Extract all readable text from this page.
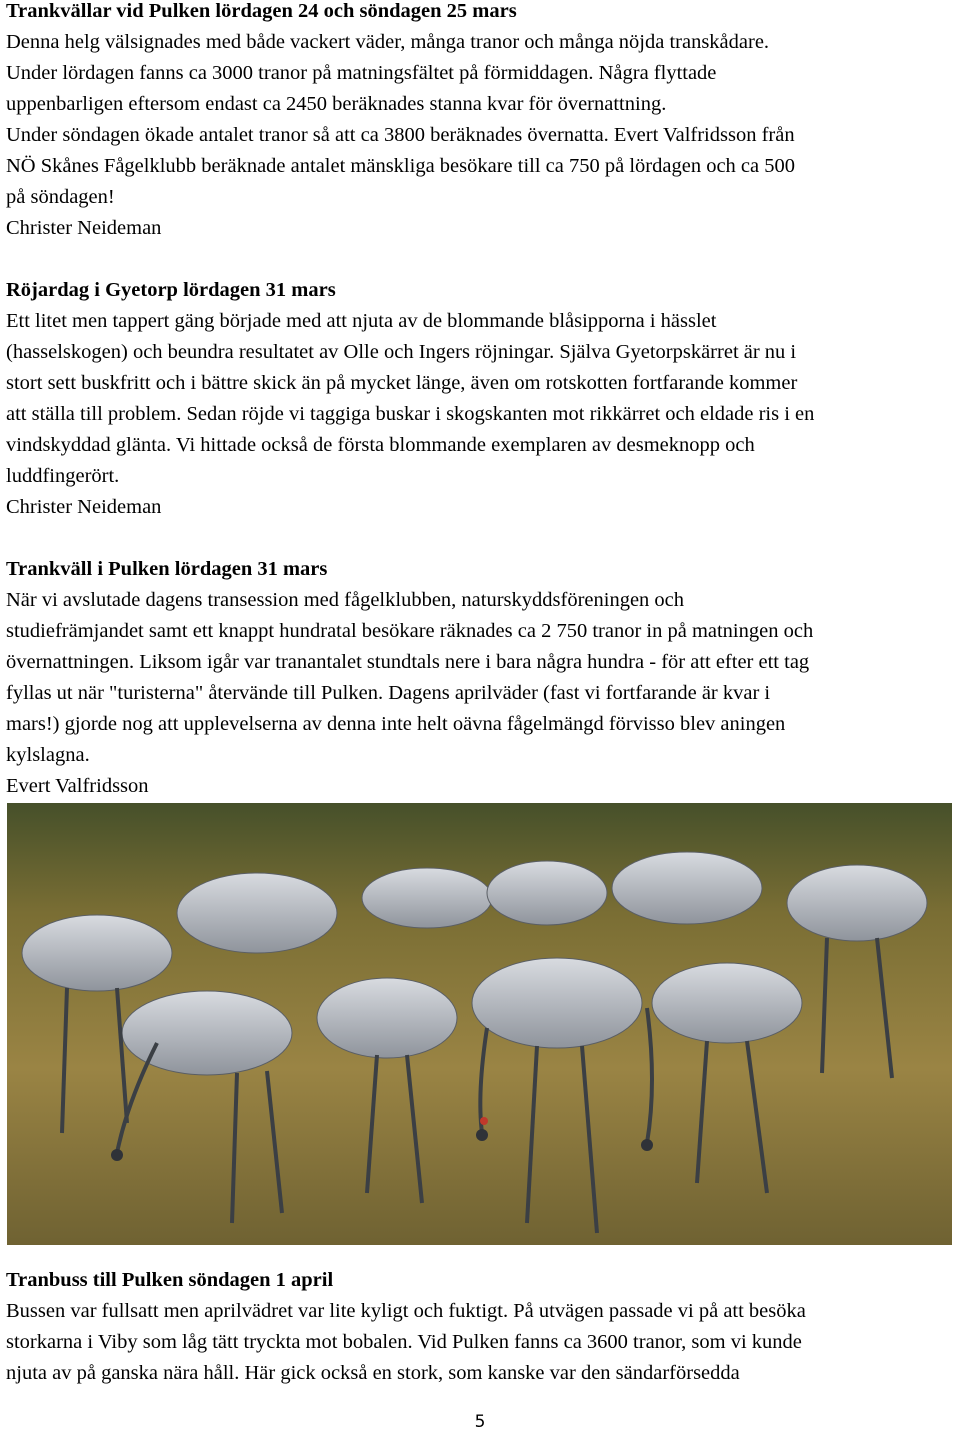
Trankvällar vid Pulken lördagen 24 och söndagen 25 mars
Denna helg välsignades med både vackert väder, många tranor och många nöjda transkådare.
Under lördagen fanns ca 3000 tranor på matningsfältet på förmiddagen. Några flyttade
uppenbarligen eftersom endast ca 2450 beräknades stanna kvar för övernattning.
Under söndagen ökade antalet tranor så att ca 3800 beräknades övernatta. Evert Valfridsson från
NÖ Skånes Fågelklubb beräknade antalet mänskliga besökare till ca 750 på lördagen och ca 500
på söndagen!
Christer Neideman
Röjardag i Gyetorp lördagen 31 mars
Ett litet men tappert gäng började med att njuta av de blommande blåsipporna i hässlet
(hasselskogen) och beundra resultatet av Olle och Ingers röjningar. Själva Gyetorpskärret är nu i
stort sett buskfritt och i bättre skick än på mycket länge, även om rotskotten fortfarande kommer
att ställa till problem. Sedan röjde vi taggiga buskar i skogskanten mot rikkärret och eldade ris i en
vindskyddad glänta. Vi hittade också de första blommande exemplaren av desmeknopp och
luddfingerört.
Christer Neideman
Trankväll i Pulken lördagen 31 mars
När vi avslutade dagens transession med fågelklubben, naturskyddsföreningen och
studiefrämjandet samt ett knappt hundratal besökare räknades ca 2 750 tranor in på matningen och
övernattningen. Liksom igår var tranantalet stundtals nere i bara några hundra - för att efter ett tag
fyllas ut när "turisterna" återvände till Pulken. Dagens aprilväder (fast vi fortfarande är kvar i
mars!) gjorde nog att upplevelserna av denna inte helt oävna fågelmängd förvisso blev aningen
kylslagna.
Evert Valfridsson
Tranbuss till Pulken söndagen 1 april
Bussen var fullsatt men aprilvädret var lite kyligt och fuktigt. På utvägen passade vi på att besöka
storkarna i Viby som låg tätt tryckta mot bobalen. Vid Pulken fanns ca 3600 tranor, som vi kunde
njuta av på ganska nära håll. Här gick också en stork, som kanske var den sändarförsedda
5
